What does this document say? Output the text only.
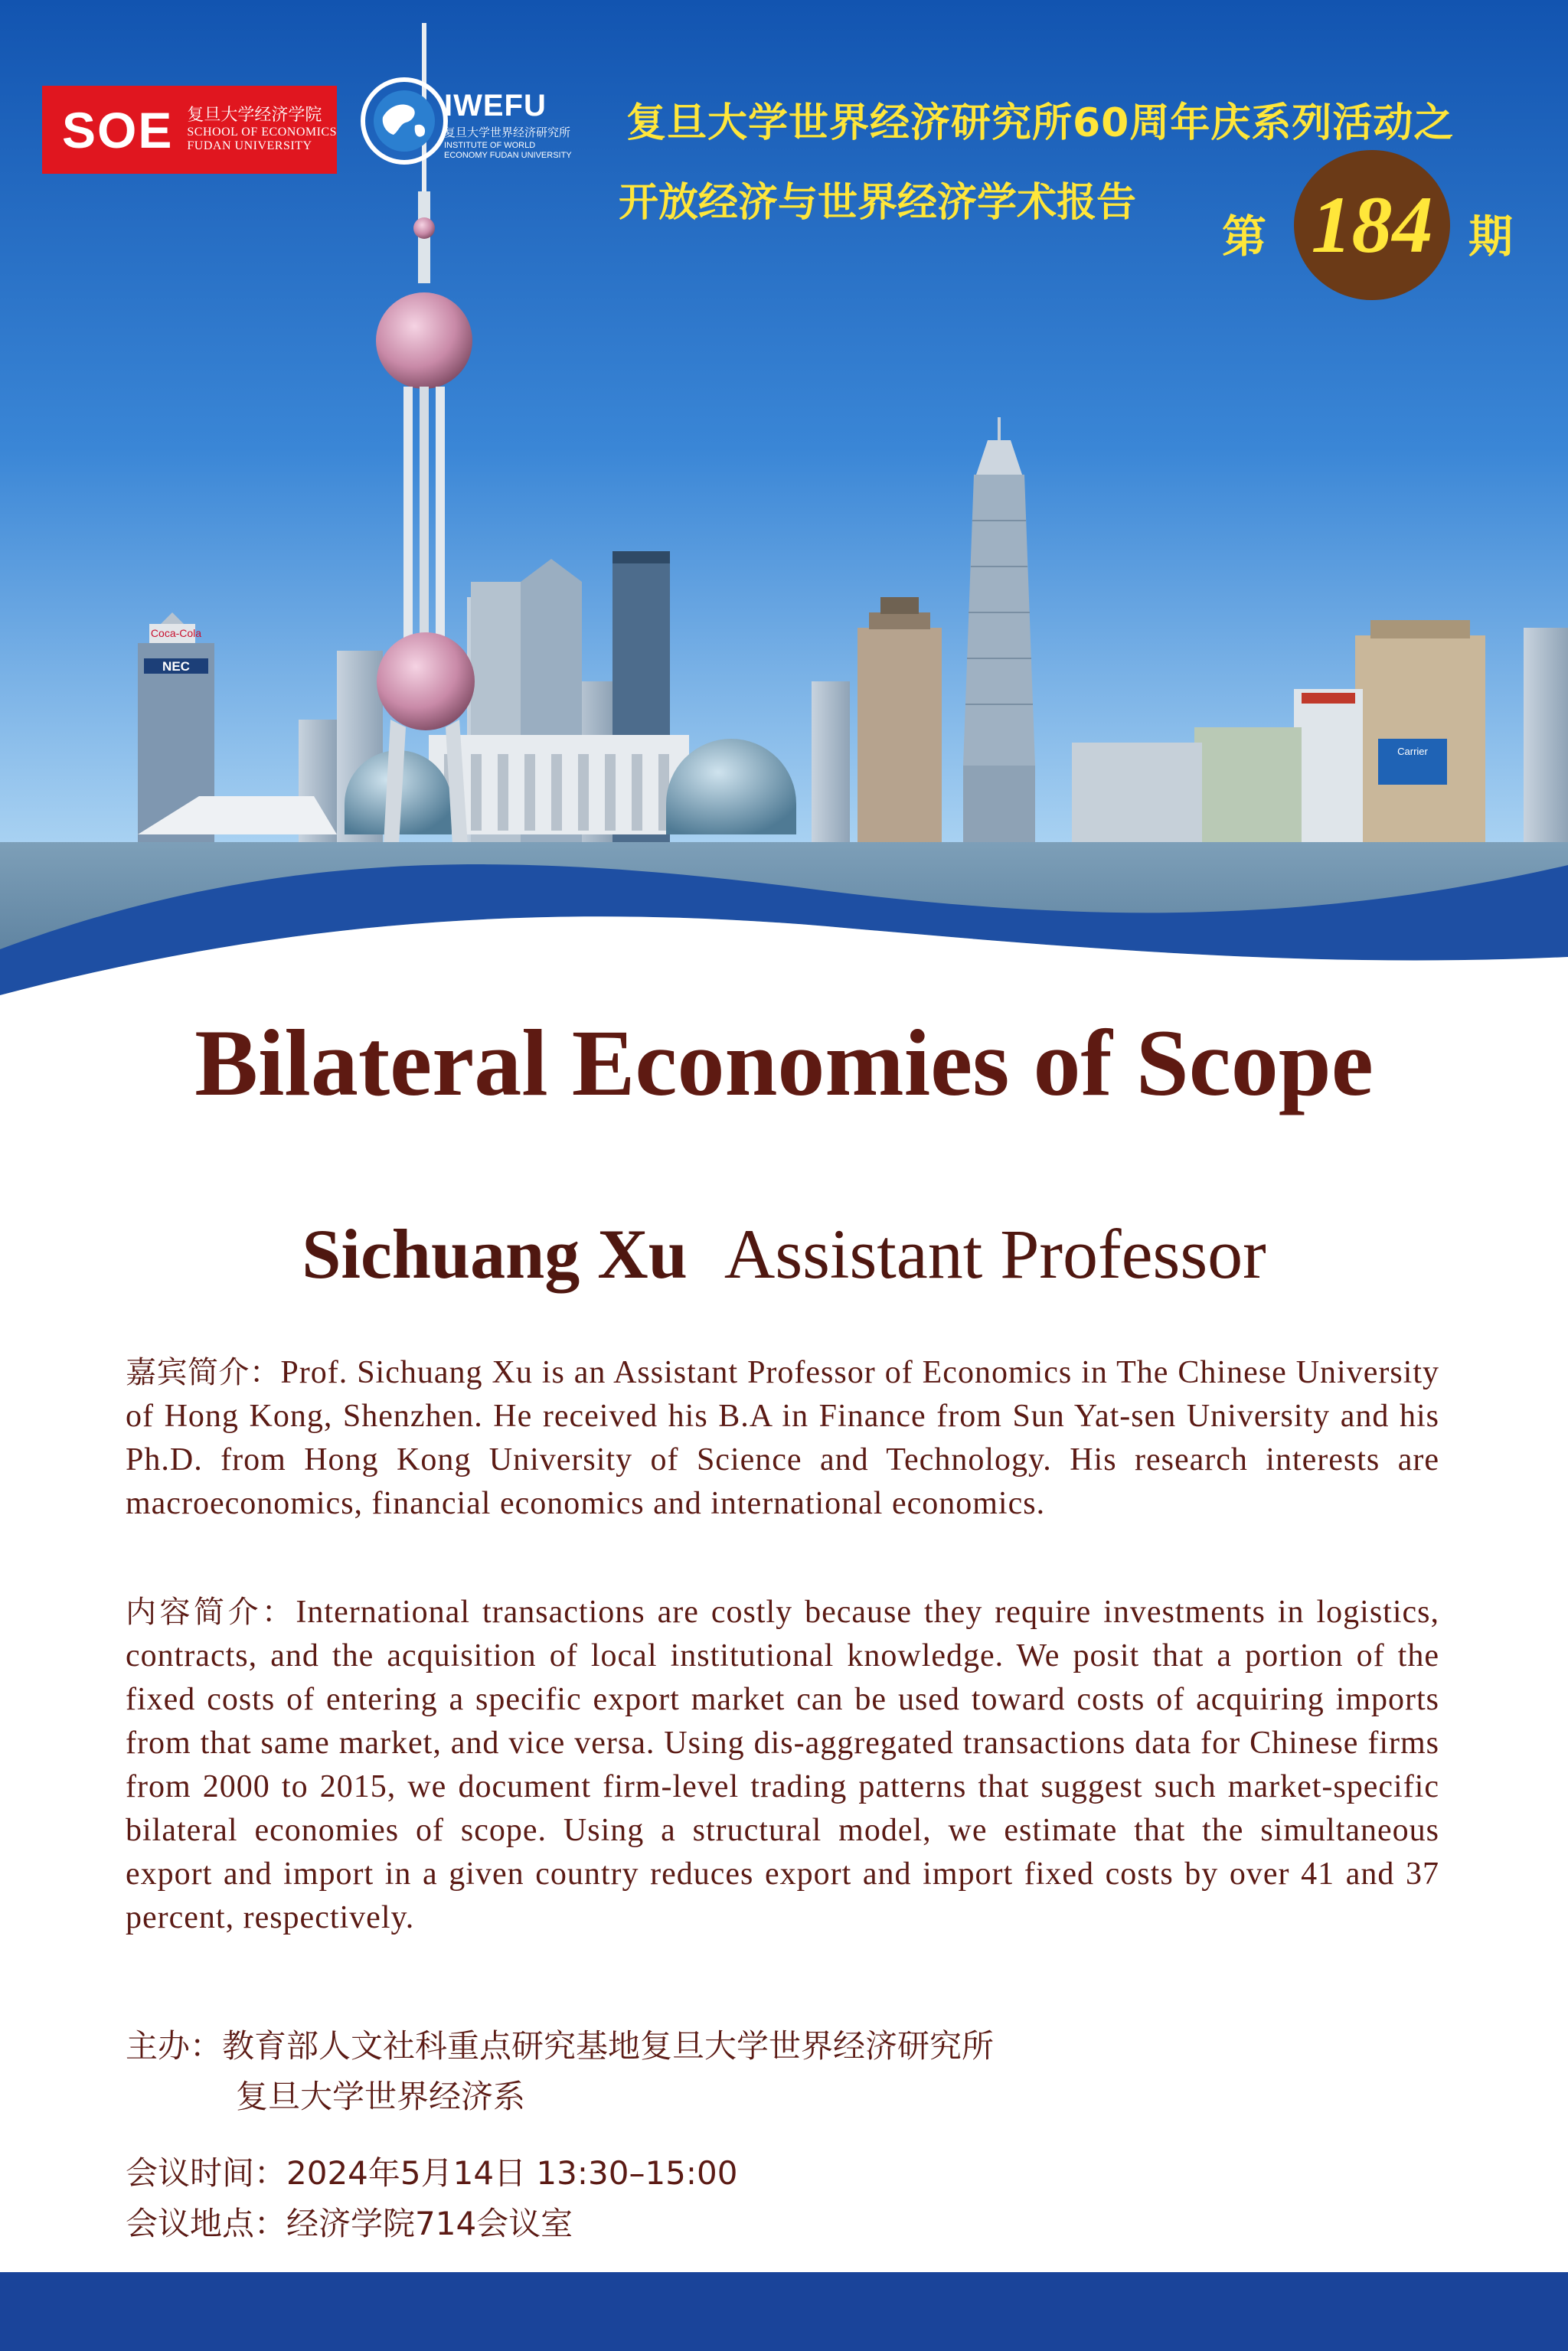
Coca-Cola
NEC
Carrier
SOE 复旦大学经济学院
SCHOOL OF ECONOMICS
FUDAN UNIVERSITY
IWEFU
复旦大学世界经济研究所
INSTITUTE OF WORLD ECONOMY FUDAN UNIVERSITY
复旦大学世界经济研究所60周年庆系列活动之
开放经济与世界经济学术报告
第 184 期
Bilateral Economies of Scope
Sichuang Xu Assistant Professor
嘉宾简介：Prof. Sichuang Xu is an Assistant Professor of Economics in The Chinese University of Hong Kong, Shenzhen. He received his B.A in Finance from Sun Yat-sen University and his Ph.D. from Hong Kong University of Science and Technology. His research interests are macroeconomics, financial economics and international economics.
内容简介：International transactions are costly because they require investments in logistics, contracts, and the acquisition of local institutional knowledge. We posit that a portion of the fixed costs of entering a specific export market can be used toward costs of acquiring imports from that same market, and vice versa. Using dis-aggregated transactions data for Chinese firms from 2000 to 2015, we document firm-level trading patterns that suggest such market-specific bilateral economies of scope. Using a structural model, we estimate that the simultaneous export and import in a given country reduces export and import fixed costs by over 41 and 37 percent, respectively.
主办：教育部人文社科重点研究基地复旦大学世界经济研究所
复旦大学世界经济系
会议时间：2024年5月14日 13:30–15:00
会议地点：经济学院714会议室
